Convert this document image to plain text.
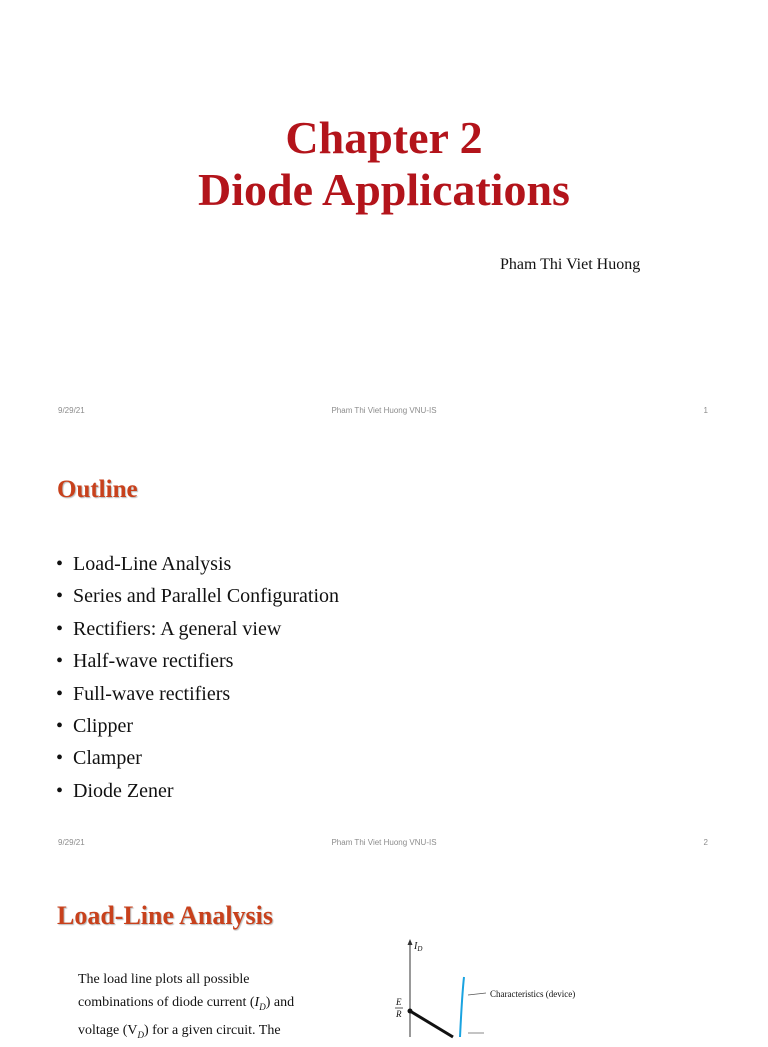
Chapter 2
Diode Applications
Pham Thi Viet Huong
9/29/21	Pham Thi Viet Huong VNU-IS	1
Outline
• Load-Line Analysis
• Series and Parallel Configuration
• Rectifiers: A general view
• Half-wave rectifiers
• Full-wave rectifiers
• Clipper
• Clamper
• Diode Zener
9/29/21	Pham Thi Viet Huong VNU-IS	2
Load-Line Analysis
The load line plots all possible
combinations of diode current $(I_D)$ and
voltage $(V_D)$ for a given circuit. The
$I_D$
E
R
Characteristics (device)
